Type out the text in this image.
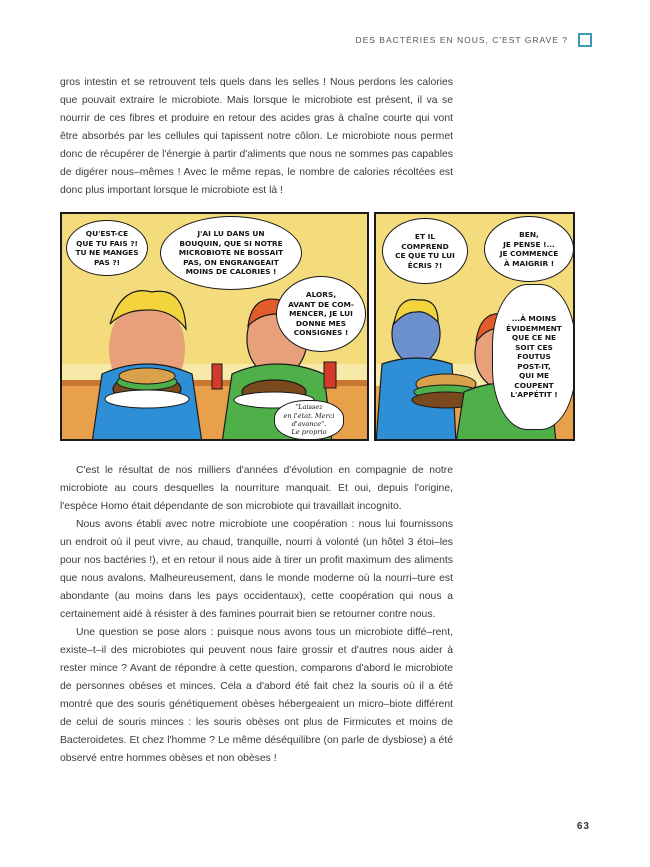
DES BACTÉRIES EN NOUS, C'EST GRAVE ?

gros intestin et se retrouvent tels quels dans les selles ! Nous perdons les calories que pouvait extraire le microbiote. Mais lorsque le microbiote est présent, il va se nourrir de ces fibres et produire en retour des acides gras à chaîne courte qui vont être absorbés par les cellules qui tapissent notre côlon. Le microbiote nous permet donc de récupérer de l'énergie à partir d'aliments que nous ne sommes pas capables de digérer nous–mêmes ! Avec le même repas, le nombre de calories récoltées est donc plus important lorsque le microbiote est là !

QU'EST-CE
QUE TU FAIS ?!
TU NE MANGES
PAS ?!
J'AI LU DANS UN
BOUQUIN, QUE SI NOTRE
MICROBIOTE NE BOSSAIT
PAS, ON ENGRANGEAIT
MOINS DE CALORIES !
ALORS,
AVANT DE COM-
MENCER, JE LUI
DONNE MES
CONSIGNES !
"Laissez
en l'état. Merci
d'avance".
Le proprio
ET IL
COMPREND
CE QUE TU LUI
ÉCRIS ?!
BEN,
JE PENSE !...
JE COMMENCE
À MAIGRIR !
...À MOINS
ÉVIDEMMENT
QUE CE NE
SOIT CES
FOUTUS
POST-IT,
QUI ME
COUPENT
L'APPÉTIT !

C'est le résultat de nos milliers d'années d'évolution en compagnie de notre microbiote au cours desquelles la nourriture manquait. Et oui, depuis l'origine, l'espèce Homo était dépendante de son microbiote qui travaillait incognito.

Nous avons établi avec notre microbiote une coopération : nous lui fournissons un endroit où il peut vivre, au chaud, tranquille, nourri à volonté (un hôtel 3 étoi–les pour nos bactéries !), et en retour il nous aide à tirer un profit maximum des aliments que nous avalons. Malheureusement, dans le monde moderne où la nourri–ture est abondante (au moins dans les pays occidentaux), cette coopération qui nous a certainement aidé à résister à des famines pourrait bien se retourner contre nous.

Une question se pose alors : puisque nous avons tous un microbiote diffé–rent, existe–t–il des microbiotes qui peuvent nous faire grossir et d'autres nous aider à rester mince ? Avant de répondre à cette question, comparons d'abord le microbiote de personnes obèses et minces. Cela a d'abord été fait chez la souris où il a été montré que des souris génétiquement obèses hébergeaient un micro–biote différent de celui de souris minces : les souris obèses ont plus de Firmicutes et moins de Bacteroidetes. Et chez l'homme ? Le même déséquilibre (on parle de dysbiose) a été observé entre hommes obèses et non obèses !

63
